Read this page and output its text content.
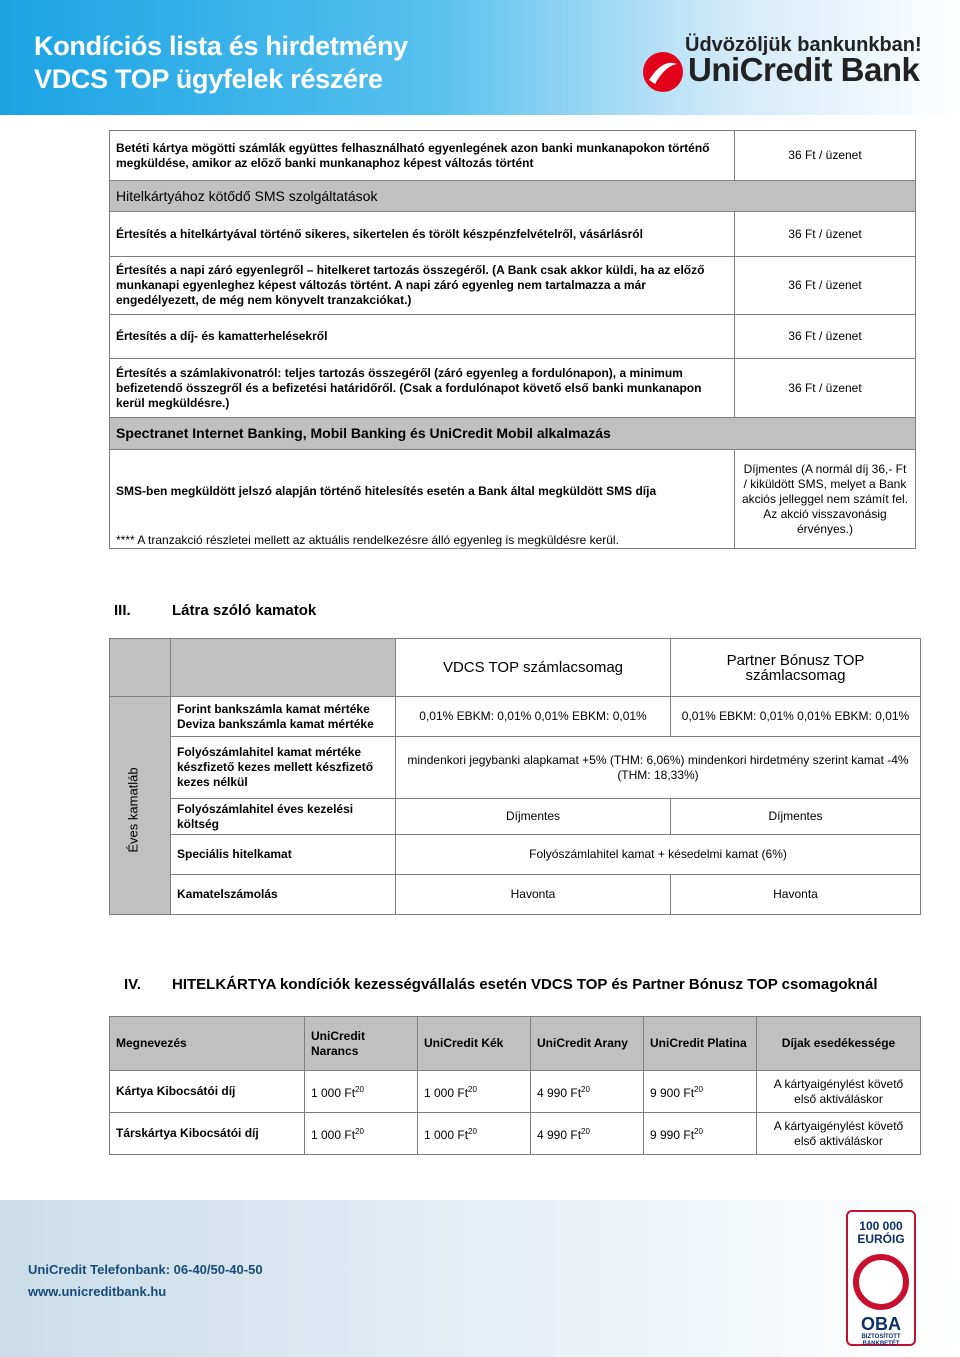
Kondíciós lista és hirdetmény
VDCS TOP ügyfelek részére
Üdvözöljük bankunkban!
UniCredit Bank
Betéti kártya mögötti számlák együttes felhasználható egyenlegének azon banki munkanapokon történő megküldése, amikor az előző banki munkanaphoz képest változás történt	36 Ft / üzenet
Hitelkártyához kötődő SMS szolgáltatások	
Értesítés a hitelkártyával történő sikeres, sikertelen és törölt készpénzfelvételről, vásárlásról	36 Ft / üzenet
Értesítés a napi záró egyenlegről – hitelkeret tartozás összegéről. (A Bank csak akkor küldi, ha az előző munkanapi egyenleghez képest változás történt. A napi záró egyenleg nem tartalmazza a már engedélyezett, de még nem könyvelt tranzakciókat.)	36 Ft / üzenet
Értesítés a díj- és kamatterhelésekről	36 Ft / üzenet
Értesítés a számlakivonatról: teljes tartozás összegéről (záró egyenleg a fordulónapon), a minimum befizetendő összegről és a befizetési határidőről. (Csak a fordulónapot követő első banki munkanapon kerül megküldésre.)	36 Ft / üzenet
Spectranet Internet Banking, Mobil Banking és UniCredit Mobil alkalmazás	

SMS-ben megküldött jelszó alapján történő hitelesítés esetén a Bank által megküldött SMS díja
**** A tranzakció részletei mellett az aktuális rendelkezésre álló egyenleg is megküldésre kerül.	Díjmentes (A normál díj 36,- Ft / kiküldött SMS, melyet a Bank akciós jelleggel nem számít fel. Az akció visszavonásig érvényes.)
III.	Látra szóló kamatok
		VDCS TOP számlacsomag	Partner Bónusz TOP számlacsomag
	Forint bankszámla kamat mértéke Deviza bankszámla kamat mértéke	0,01% EBKM: 0,01% 0,01% EBKM: 0,01%	0,01% EBKM: 0,01% 0,01% EBKM: 0,01%
	Folyószámlahitel kamat mértéke készfizető kezes mellett készfizető kezes nélkül	mindenkori jegybanki alapkamat +5% (THM: 6,06%) mindenkori hirdetmény szerint kamat -4% (THM: 18,33%)	
	Folyószámlahitel éves kezelési költség	Díjmentes	Díjmentes
	Speciális hitelkamat	Folyószámlahitel kamat + késedelmi kamat (6%)	
	Kamatelszámolás	Havonta	Havonta
Éves kamatláb
IV. HITELKÁRTYA kondíciók kezességvállalás esetén VDCS TOP és Partner Bónusz TOP csomagoknál
Megnevezés	UniCredit Narancs	UniCredit Kék	UniCredit Arany	UniCredit Platina	Díjak esedékessége
Kártya Kibocsátói díj	1 000 Ft$^{20}$	1 000 Ft$^{20}$	4 990 Ft$^{20}$	9 900 Ft$^{20}$	A kártyaigénylést követő első aktiváláskor
Társkártya Kibocsátói díj	1 000 Ft$^{20}$	1 000 Ft$^{20}$	4 990 Ft$^{20}$	9 990 Ft$^{20}$	A kártyaigénylést követő első aktiváláskor
UniCredit Telefonbank: 06-40/50-40-50
www.unicreditbank.hu
100 000 EURÓIG
OBA
BIZTOSÍTOTT BANKBETÉT
